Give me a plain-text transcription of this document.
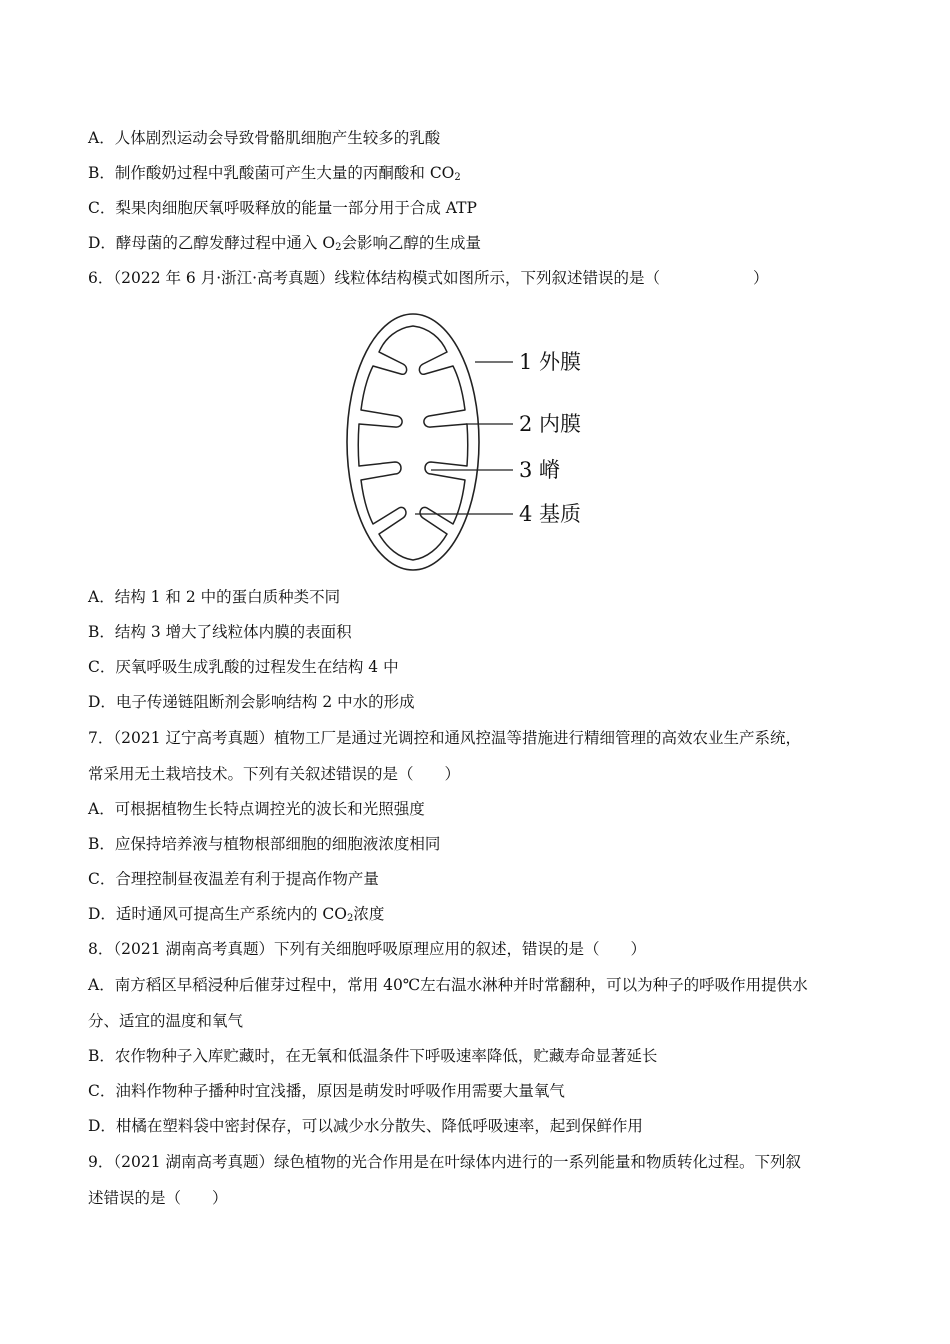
A．人体剧烈运动会导致骨骼肌细胞产生较多的乳酸
B．制作酸奶过程中乳酸菌可产生大量的丙酮酸和 $CO_2$
C．梨果肉细胞厌氧呼吸释放的能量一部分用于合成 ATP
D．酵母菌的乙醇发酵过程中通入 $O_2$会影响乙醇的生成量
6．（2022 年 6 月·浙江·高考真题）线粒体结构模式如图所示，下列叙述错误的是（　　　　　　）
1 外膜
2 内膜
3 嵴
4 基质
A．结构 1 和 2 中的蛋白质种类不同
B．结构 3 增大了线粒体内膜的表面积
C．厌氧呼吸生成乳酸的过程发生在结构 4 中
D．电子传递链阻断剂会影响结构 2 中水的形成
7．（2021 辽宁高考真题）植物工厂是通过光调控和通风控温等措施进行精细管理的高效农业生产系统，
常采用无土栽培技术。下列有关叙述错误的是（　　）
A．可根据植物生长特点调控光的波长和光照强度
B．应保持培养液与植物根部细胞的细胞液浓度相同
C．合理控制昼夜温差有利于提高作物产量
D．适时通风可提高生产系统内的 $CO_2$浓度
8．（2021 湖南高考真题）下列有关细胞呼吸原理应用的叙述，错误的是（　　）
A．南方稻区早稻浸种后催芽过程中，常用 40℃左右温水淋种并时常翻种，可以为种子的呼吸作用提供水
分、适宜的温度和氧气
B．农作物种子入库贮藏时，在无氧和低温条件下呼吸速率降低，贮藏寿命显著延长
C．油料作物种子播种时宜浅播，原因是萌发时呼吸作用需要大量氧气
D．柑橘在塑料袋中密封保存，可以减少水分散失、降低呼吸速率，起到保鲜作用
9．（2021 湖南高考真题）绿色植物的光合作用是在叶绿体内进行的一系列能量和物质转化过程。下列叙
述错误的是（　　）
